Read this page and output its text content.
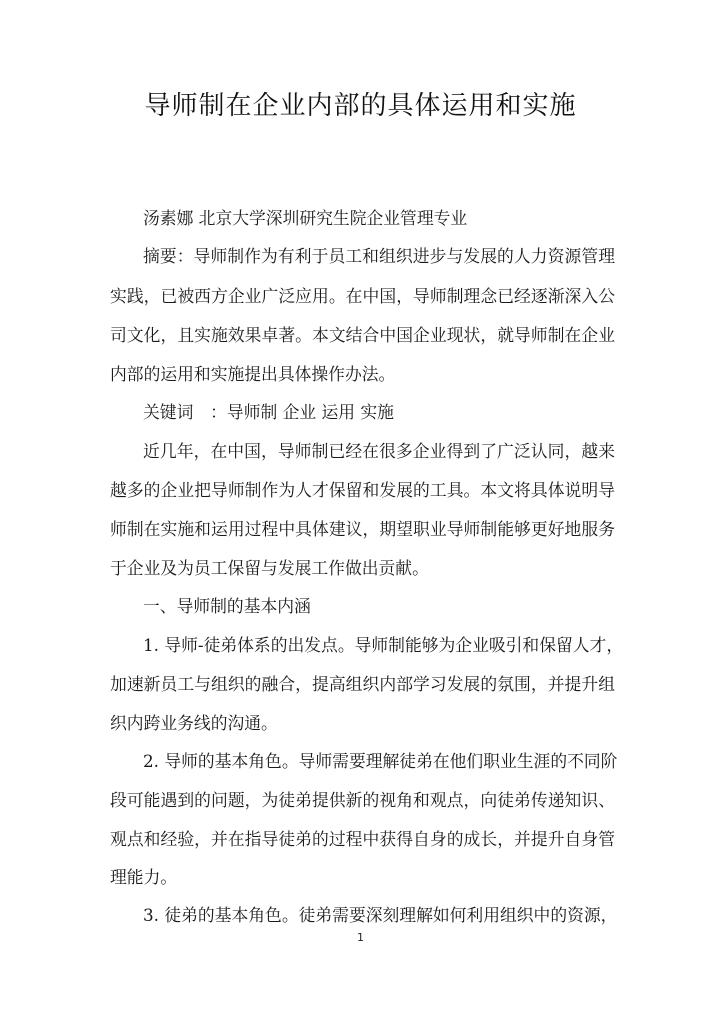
导师制在企业内部的具体运用和实施
汤素娜 北京大学深圳研究生院企业管理专业
摘要：导师制作为有利于员工和组织进步与发展的人力资源管理
实践，已被西方企业广泛应用。在中国，导师制理念已经逐渐深入公
司文化，且实施效果卓著。本文结合中国企业现状，就导师制在企业
内部的运用和实施提出具体操作办法。
关键词　：导师制 企业 运用 实施
近几年，在中国，导师制已经在很多企业得到了广泛认同，越来
越多的企业把导师制作为人才保留和发展的工具。本文将具体说明导
师制在实施和运用过程中具体建议，期望职业导师制能够更好地服务
于企业及为员工保留与发展工作做出贡献。
一、导师制的基本内涵
1. 导师-徒弟体系的出发点。导师制能够为企业吸引和保留人才，
加速新员工与组织的融合，提高组织内部学习发展的氛围，并提升组
织内跨业务线的沟通。
2. 导师的基本角色。导师需要理解徒弟在他们职业生涯的不同阶
段可能遇到的问题，为徒弟提供新的视角和观点，向徒弟传递知识、
观点和经验，并在指导徒弟的过程中获得自身的成长，并提升自身管
理能力。
3. 徒弟的基本角色。徒弟需要深刻理解如何利用组织中的资源，
1
